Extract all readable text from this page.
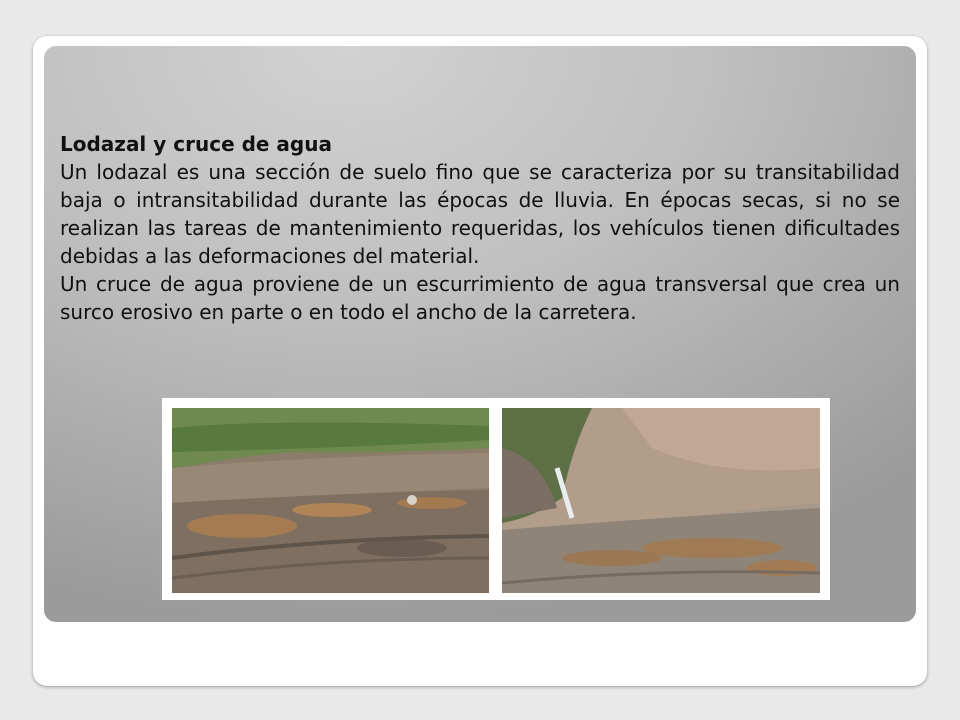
Lodazal y cruce de agua

Un lodazal es una sección de suelo fino que se caracteriza por su transitabilidad baja o intransitabilidad durante las épocas de lluvia. En épocas secas, si no se realizan las tareas de mantenimiento requeridas, los vehículos tienen dificultades debidas a las deformaciones del material.

Un cruce de agua proviene de un escurrimiento de agua transversal que crea un surco erosivo en parte o en todo el ancho de la carretera.
